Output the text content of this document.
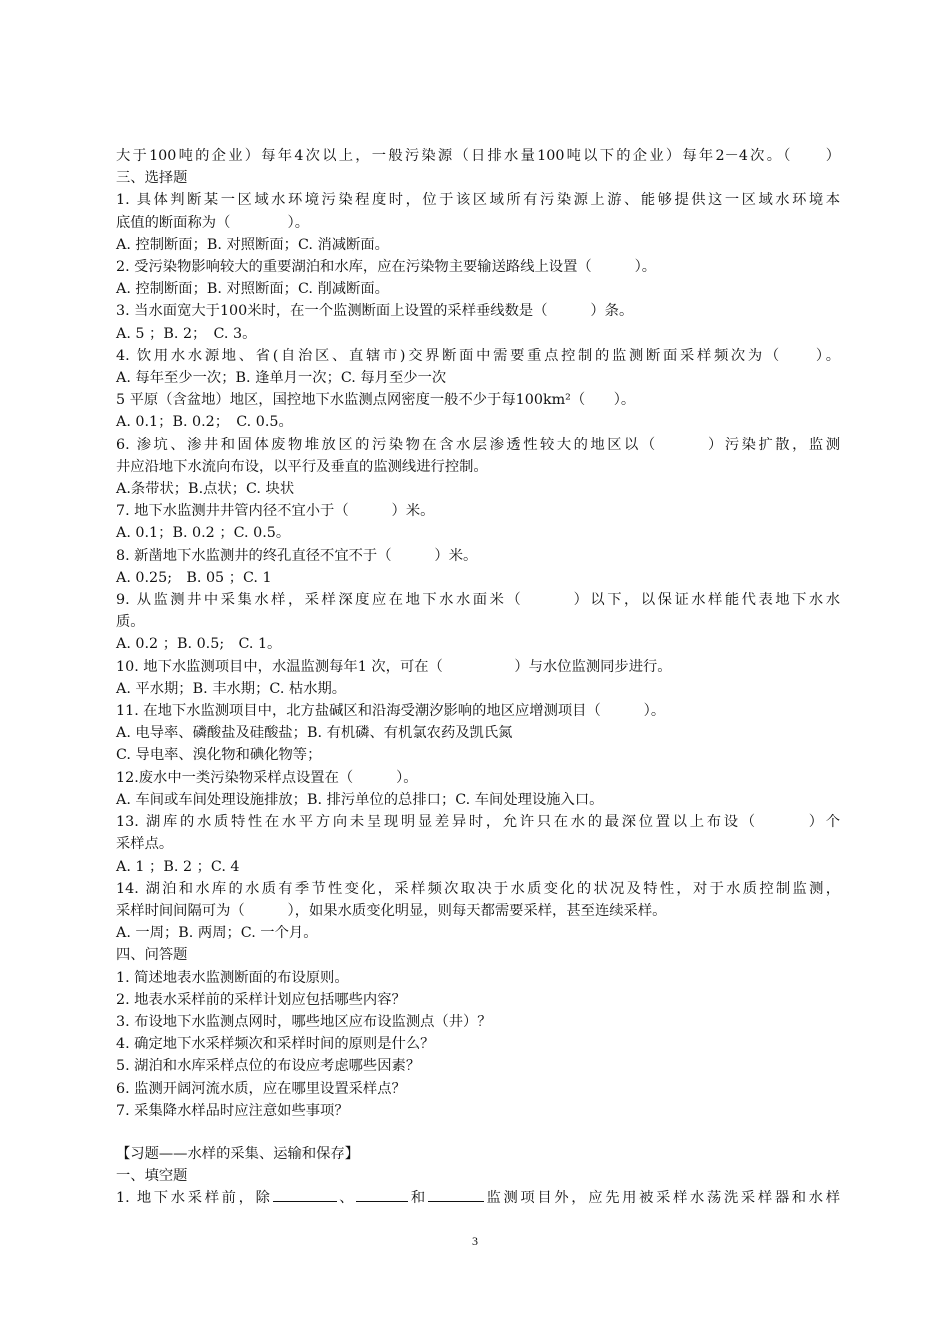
大于100吨的企业）每年4次以上，一般污染源（日排水量100吨以下的企业）每年2－4次。（　　）
三、选择题
1. 具体判断某一区域水环境污染程度时，位于该区域所有污染源上游、能够提供这一区域水环境本
底值的断面称为（　　　　）。
A. 控制断面；B. 对照断面；C. 消减断面。
2. 受污染物影响较大的重要湖泊和水库，应在污染物主要输送路线上设置（　　　）。
A. 控制断面；B. 对照断面；C. 削减断面。
3. 当水面宽大于100米时，在一个监测断面上设置的采样垂线数是（　　　）条。
A. 5 ；B. 2；　C. 3。
4. 饮用水水源地、省(自治区、直辖市)交界断面中需要重点控制的监测断面采样频次为（　　）。
A. 每年至少一次；B. 逢单月一次；C. 每月至少一次
5 平原（含盆地）地区，国控地下水监测点网密度一般不少于每100km²（　　）。
A. 0.1；B. 0.2；　C. 0.5。
6. 渗坑、渗井和固体废物堆放区的污染物在含水层渗透性较大的地区以（　　　）污染扩散，监测
井应沿地下水流向布设，以平行及垂直的监测线进行控制。
A.条带状；B.点状；C. 块状
7. 地下水监测井井管内径不宜小于（　　　）米。
A. 0.1；B. 0.2 ；C. 0.5。
8. 新凿地下水监测井的终孔直径不宜不于（　　　）米。
A. 0.25;　B. 05 ；C. 1
9. 从监测井中采集水样，采样深度应在地下水水面米（　　　）以下，以保证水样能代表地下水水
质。
A. 0.2 ；B. 0.5;　C. 1。
10. 地下水监测项目中，水温监测每年1 次，可在（　　　　　）与水位监测同步进行。
A. 平水期；B. 丰水期；C. 枯水期。
11. 在地下水监测项目中，北方盐碱区和沿海受潮汐影响的地区应增测项目（　　　）。
A. 电导率、磷酸盐及硅酸盐；B. 有机磷、有机氯农药及凯氏氮
C. 导电率、溴化物和碘化物等；
12.废水中一类污染物采样点设置在（　　　）。
A. 车间或车间处理设施排放；B. 排污单位的总排口；C. 车间处理设施入口。
13. 湖库的水质特性在水平方向未呈现明显差异时，允许只在水的最深位置以上布设（　　　）个
采样点。
A. 1 ；B. 2 ；C. 4
14. 湖泊和水库的水质有季节性变化，采样频次取决于水质变化的状况及特性，对于水质控制监测，
采样时间间隔可为（　　　），如果水质变化明显，则每天都需要采样，甚至连续采样。
A. 一周；B. 两周；C. 一个月。
四、问答题
1. 简述地表水监测断面的布设原则。
2. 地表水采样前的采样计划应包括哪些内容？
3. 布设地下水监测点网时，哪些地区应布设监测点（井）？
4. 确定地下水采样频次和采样时间的原则是什么？
5. 湖泊和水库采样点位的布设应考虑哪些因素？
6. 监测开阔河流水质，应在哪里设置采样点？
7. 采集降水样品时应注意如些事项？
【习题——水样的采集、运输和保存】
一、填空题
1. 地下水采样前，除	、	和	监测项目外，应先用被采样水荡洗采样器和水样
3
